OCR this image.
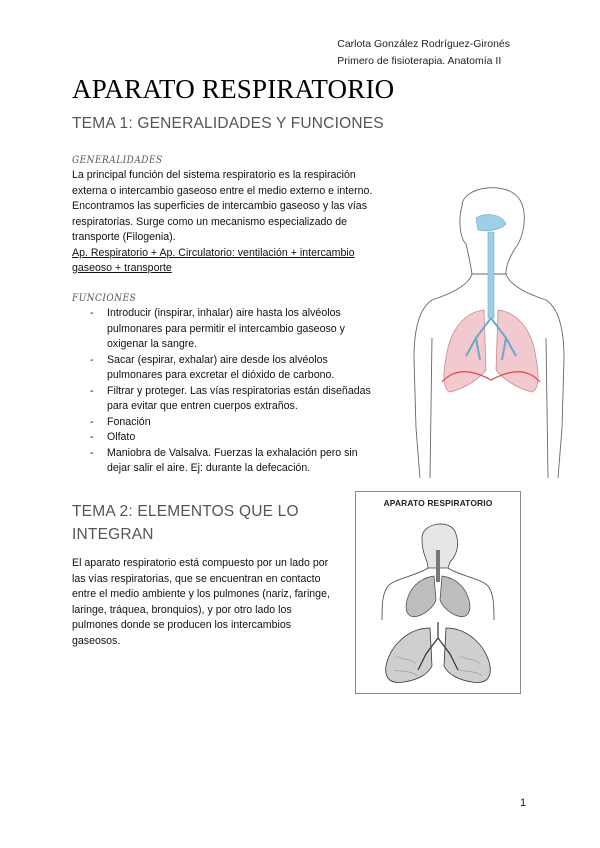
Carlota González Rodríguez-Gironés
Primero de fisioterapia. Anatomía II
APARATO RESPIRATORIO
TEMA 1: GENERALIDADES Y FUNCIONES
GENERALIDADES

La principal función del sistema respiratorio es la respiración

externa o intercambio gaseoso entre el medio externo e interno.

Encontramos las superficies de intercambio gaseoso y las vías

respiratorias. Surge como un mecanismo especializado de

transporte (Filogenia).

Ap. Respiratorio + Ap. Circulatorio: ventilación + intercambio

gaseoso + transporte

FUNCIONES
- Introducir (inspirar, inhalar) aire hasta los alvéolos
pulmonares para permitir el intercambio gaseoso y
oxigenar la sangre.
- Sacar (espirar, exhalar) aire desde los alvéolos
pulmonares para excretar el dióxido de carbono.
- Filtrar y proteger. Las vías respiratorias están diseñadas
para evitar que entren cuerpos extraños.
- Fonación
- Olfato
- Maniobra de Valsalva. Fuerzas la exhalación pero sin
dejar salir el aire. Ej: durante la defecación.
TEMA 2: ELEMENTOS QUE LO
INTEGRAN

El aparato respiratorio está compuesto por un lado por

las vías respiratorias, que se encuentran en contacto

entre el medio ambiente y los pulmones (nariz, faringe,

laringe, tráquea, bronquios), y por otro lado los

pulmones donde se producen los intercambios

gaseosos.

APARATO RESPIRATORIO
1
